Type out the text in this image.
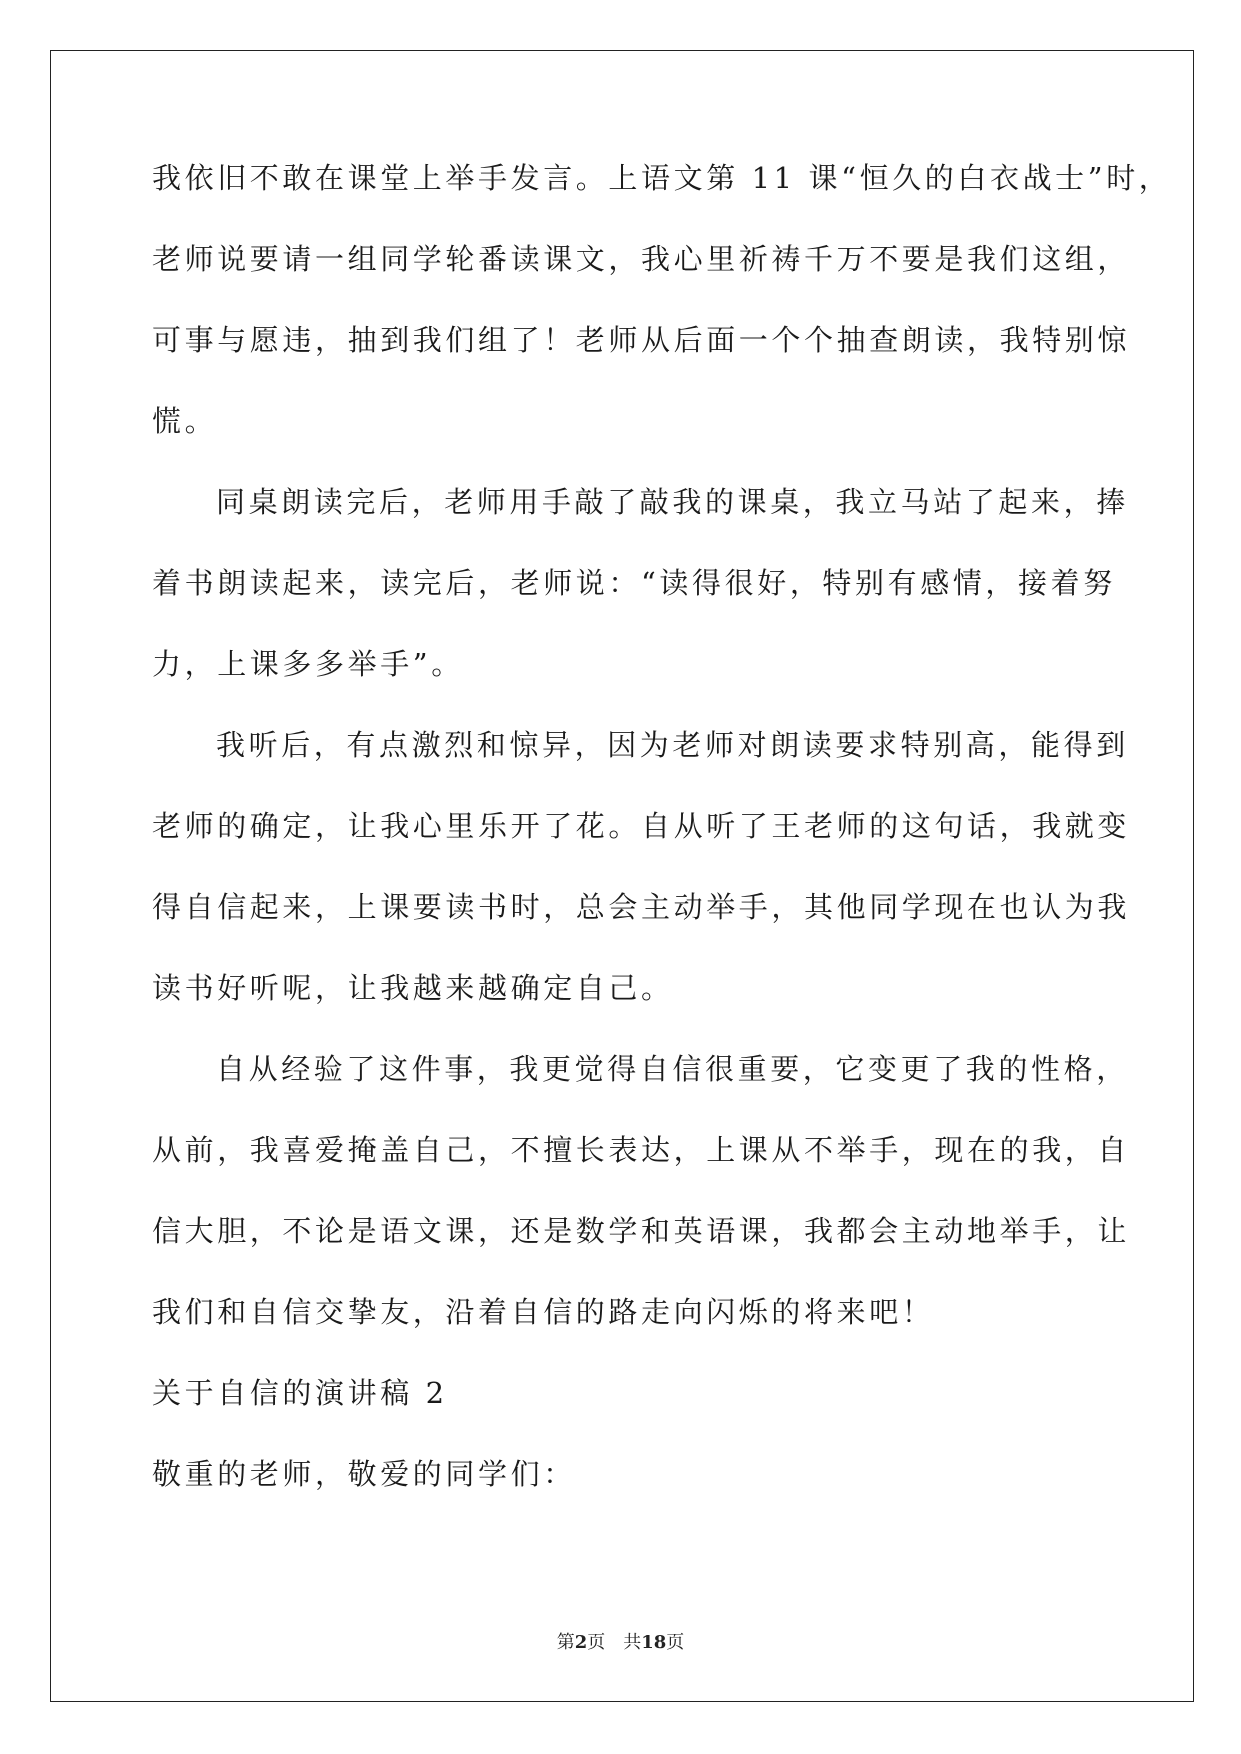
我依旧不敢在课堂上举手发言。上语文第 11 课“恒久的白衣战士”时，
老师说要请一组同学轮番读课文，我心里祈祷千万不要是我们这组，
可事与愿违，抽到我们组了！老师从后面一个个抽查朗读，我特别惊
慌。
同桌朗读完后，老师用手敲了敲我的课桌，我立马站了起来，捧
着书朗读起来，读完后，老师说：“读得很好，特别有感情，接着努
力，上课多多举手”。
我听后，有点激烈和惊异，因为老师对朗读要求特别高，能得到
老师的确定，让我心里乐开了花。自从听了王老师的这句话，我就变
得自信起来，上课要读书时，总会主动举手，其他同学现在也认为我
读书好听呢，让我越来越确定自己。
自从经验了这件事，我更觉得自信很重要，它变更了我的性格，
从前，我喜爱掩盖自己，不擅长表达，上课从不举手，现在的我，自
信大胆，不论是语文课，还是数学和英语课，我都会主动地举手，让
我们和自信交挚友，沿着自信的路走向闪烁的将来吧！
关于自信的演讲稿 2
敬重的老师，敬爱的同学们：
第2页 共18页
